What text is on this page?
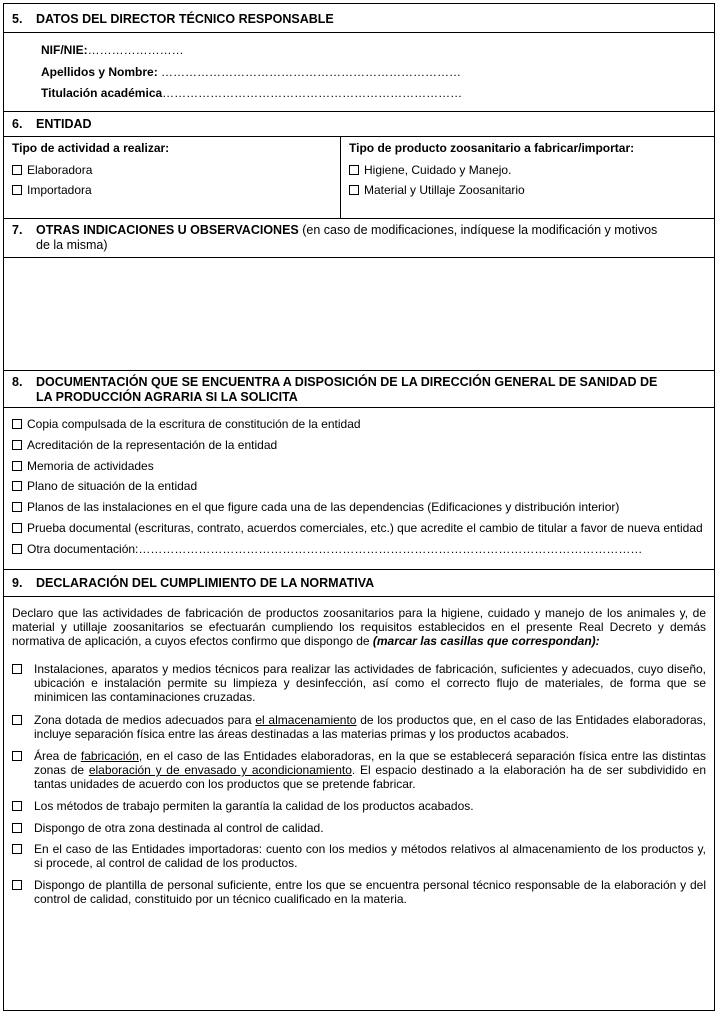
5. DATOS DEL DIRECTOR TÉCNICO RESPONSABLE
NIF/NIE:……………………
Apellidos y Nombre: …………………………………………………………………
Titulación académica…………………………………………………………………
6. ENTIDAD
Tipo de actividad a realizar:
Elaboradora
Importadora
Tipo de producto zoosanitario a fabricar/importar:
Higiene, Cuidado y Manejo.
Material y Utillaje Zoosanitario
7. OTRAS INDICACIONES U OBSERVACIONES (en caso de modificaciones, indíquese la modificación y motivos
de la misma)
8. DOCUMENTACIÓN QUE SE ENCUENTRA A DISPOSICIÓN DE LA DIRECCIÓN GENERAL DE SANIDAD DE
LA PRODUCCIÓN AGRARIA SI LA SOLICITA
Copia compulsada de la escritura de constitución de la entidad
Acreditación de la representación de la entidad
Memoria de actividades
Plano de situación de la entidad
Planos de las instalaciones en el que figure cada una de las dependencias (Edificaciones y distribución interior)
Prueba documental (escrituras, contrato, acuerdos comerciales, etc.) que acredite el cambio de titular a favor de nueva entidad
Otra documentación:………………………………………………………………………………………………………………
9. DECLARACIÓN DEL CUMPLIMIENTO DE LA NORMATIVA
Declaro que las actividades de fabricación de productos zoosanitarios para la higiene, cuidado y manejo de los animales y, de material y utillaje zoosanitarios se efectuarán cumpliendo los requisitos establecidos en el presente Real Decreto y demás normativa de aplicación, a cuyos efectos confirmo que dispongo de (marcar las casillas que correspondan):
Instalaciones, aparatos y medios técnicos para realizar las actividades de fabricación, suficientes y adecuados, cuyo diseño, ubicación e instalación permite su limpieza y desinfección, así como el correcto flujo de materiales, de forma que se minimicen las contaminaciones cruzadas.
Zona dotada de medios adecuados para el almacenamiento de los productos que, en el caso de las Entidades elaboradoras, incluye separación física entre las áreas destinadas a las materias primas y los productos acabados.
Área de fabricación, en el caso de las Entidades elaboradoras, en la que se establecerá separación física entre las distintas zonas de elaboración y de envasado y acondicionamiento. El espacio destinado a la elaboración ha de ser subdividido en tantas unidades de acuerdo con los productos que se pretende fabricar.
Los métodos de trabajo permiten la garantía la calidad de los productos acabados.
Dispongo de otra zona destinada al control de calidad.
En el caso de las Entidades importadoras: cuento con los medios y métodos relativos al almacenamiento de los productos y, si procede, al control de calidad de los productos.
Dispongo de plantilla de personal suficiente, entre los que se encuentra personal técnico responsable de la elaboración y del control de calidad, constituido por un técnico cualificado en la materia.
